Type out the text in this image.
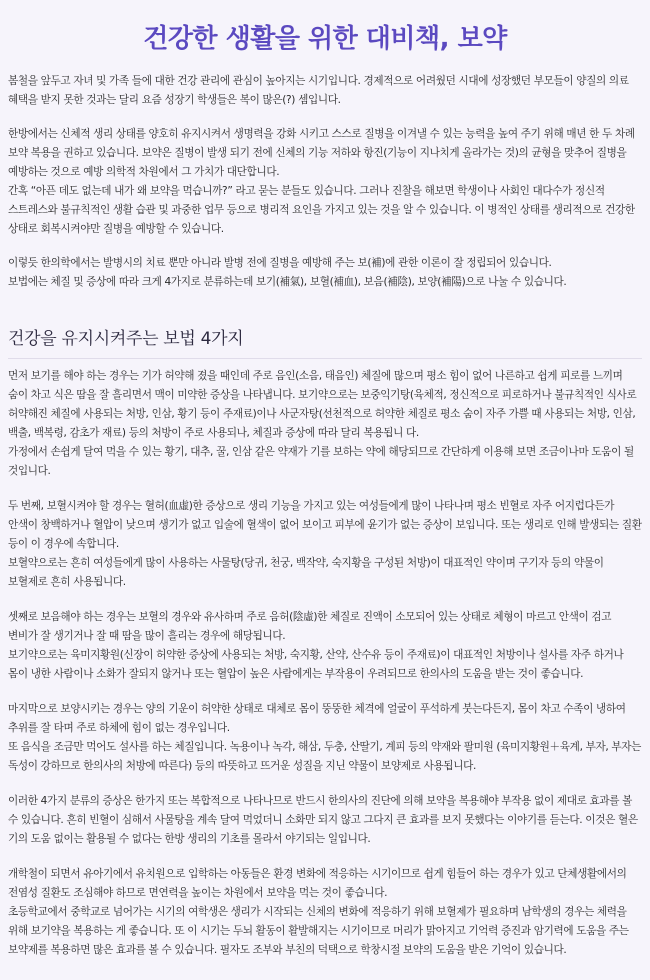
건강한 생활을 위한 대비책, 보약

봄철을 앞두고 자녀 및 가족 들에 대한 건강 관리에 관심이 높아지는 시기입니다. 경제적으로 어려웠던 시대에 성장했던 부모들이 양질의 의료 혜택을 받지 못한 것과는 달리 요즘 성장기 학생들은 복이 많은(?) 셈입니다.

한방에서는 신체적 생리 상태를 양호히 유지시켜서 생명력을 강화 시키고 스스로 질병을 이겨낼 수 있는 능력을 높여 주기 위해 매년 한 두 차례 보약 복용을 권하고 있습니다. 보약은 질병이 발생 되기 전에 신체의 기능 저하와 항진(기능이 지나치게 올라가는 것)의 균형을 맞추어 질병을 예방하는 것으로 예방 의학적 차원에서 그 가치가 대단합니다.

간혹 “아픈 데도 없는데 내가 왜 보약을 먹습니까?” 라고 묻는 분들도 있습니다. 그러나 진찰을 해보면 학생이나 사회인 대다수가 정신적 스트레스와 불규칙적인 생활 습관 및 과중한 업무 등으로 병리적 요인을 가지고 있는 것을 알 수 있습니다. 이 병적인 상태를 생리적으로 건강한 상태로 회복시켜야만 질병을 예방할 수 있습니다.

이렇듯 한의학에서는 발병시의 치료 뿐만 아니라 발병 전에 질병을 예방해 주는 보(補)에 관한 이론이 잘 정립되어 있습니다.

보법에는 체질 및 증상에 따라 크게 4가지로 분류하는데 보기(補氣), 보혈(補血), 보음(補陰), 보양(補陽)으로 나눌 수 있습니다.

건강을 유지시켜주는 보법 4가지

먼저 보기를 해야 하는 경우는 기가 허약해 졌을 때인데 주로 음인(소음, 태음인) 체질에 많으며 평소 힘이 없어 나른하고 쉽게 피로를 느끼며 숨이 차고 식은 땀을 잘 흘리면서 맥이 미약한 증상을 나타냅니다. 보기약으로는 보중익기탕(육체적, 정신적으로 피로하거나 불규칙적인 식사로 허약해진 체질에 사용되는 처방, 인삼, 황기 등이 주재료)이나 사군자탕(선천적으로 허약한 체질로 평소 숨이 자주 가쁠 때 사용되는 처방, 인삼, 백출, 백복령, 감초가 재료) 등의 처방이 주로 사용되나, 체질과 증상에 따라 달리 복용됩니 다.

가정에서 손쉽게 달여 먹을 수 있는 황기, 대추, 꿀, 인삼 같은 약재가 기를 보하는 약에 해당되므로 간단하게 이용해 보면 조금이나마 도움이 될 것입니다.

두 번째, 보혈시켜야 할 경우는 혈허(血虛)한 증상으로 생리 기능을 가지고 있는 여성들에게 많이 나타나며 평소 빈혈로 자주 어지럽다든가 안색이 창백하거나 혈압이 낮으며 생기가 없고 입술에 혈색이 없어 보이고 피부에 윤기가 없는 증상이 보입니다. 또는 생리로 인해 발생되는 질환 등이 이 경우에 속합니다.

보혈약으로는 흔히 여성들에게 많이 사용하는 사물탕(당귀, 천궁, 백작약, 숙지황을 구성된 처방)이 대표적인 약이며 구기자 등의 약물이 보혈제로 흔히 사용됩니다.

셋째로 보음해야 하는 경우는 보혈의 경우와 유사하며 주로 음허(陰虛)한 체질로 진액이 소모되어 있는 상태로 체형이 마르고 안색이 검고 변비가 잘 생기거나 잘 때 땀을 많이 흘리는 경우에 해당됩니다.

보기약으로는 육미지황원(신장이 허약한 증상에 사용되는 처방, 숙지황, 산약, 산수유 등이 주재료)이 대표적인 처방이나 설사를 자주 하거나 몸이 냉한 사람이나 소화가 잘되지 않거나 또는 혈압이 높은 사람에게는 부작용이 우려되므로 한의사의 도움을 받는 것이 좋습니다.

마지막으로 보양시키는 경우는 양의 기운이 허약한 상태로 대체로 몸이 뚱뚱한 체격에 얼굴이 푸석하게 붓는다든지, 몸이 차고 수족이 냉하여 추위를 잘 타며 주로 하체에 힘이 없는 경우입니다.

또 음식을 조금만 먹어도 설사를 하는 체질입니다. 녹용이나 녹각, 해삼, 두충, 산딸기, 계피 등의 약재와 팔미원 (육미지황원＋육계, 부자, 부자는 독성이 강하므로 한의사의 처방에 따른다) 등의 따뜻하고 뜨거운 성질을 지닌 약물이 보양제로 사용됩니다.

이러한 4가지 분류의 증상은 한가지 또는 복합적으로 나타나므로 반드시 한의사의 진단에 의해 보약을 복용해야 부작용 없이 제대로 효과를 볼 수 있습니다. 흔히 빈혈이 심해서 사물탕을 계속 달여 먹었더니 소화만 되지 않고 그다지 큰 효과를 보지 못했다는 이야기를 듣는다. 이것은 혈은 기의 도움 없이는 활용될 수 없다는 한방 생리의 기초를 몰라서 야기되는 일입니다.

개학철이 되면서 유아기에서 유치원으로 입학하는 아동들은 환경 변화에 적응하는 시기이므로 쉽게 힘들어 하는 경우가 있고 단체생활에서의 전염성 질환도 조심해야 하므로 면연력을 높이는 차원에서 보약을 먹는 것이 좋습니다.

초등학교에서 중학교로 넘어가는 시기의 여학생은 생리가 시작되는 신체의 변화에 적응하기 위해 보혈제가 필요하며 남학생의 경우는 체력을 위해 보기약을 복용하는 게 좋습니다. 또 이 시기는 두뇌 활동이 활발해지는 시기이므로 머리가 맑아지고 기억력 증진과 암기력에 도움을 주는 보약제를 복용하면 많은 효과를 볼 수 있습니다. 필자도 조부와 부친의 덕택으로 학창시절 보약의 도움을 받은 기억이 있습니다.
